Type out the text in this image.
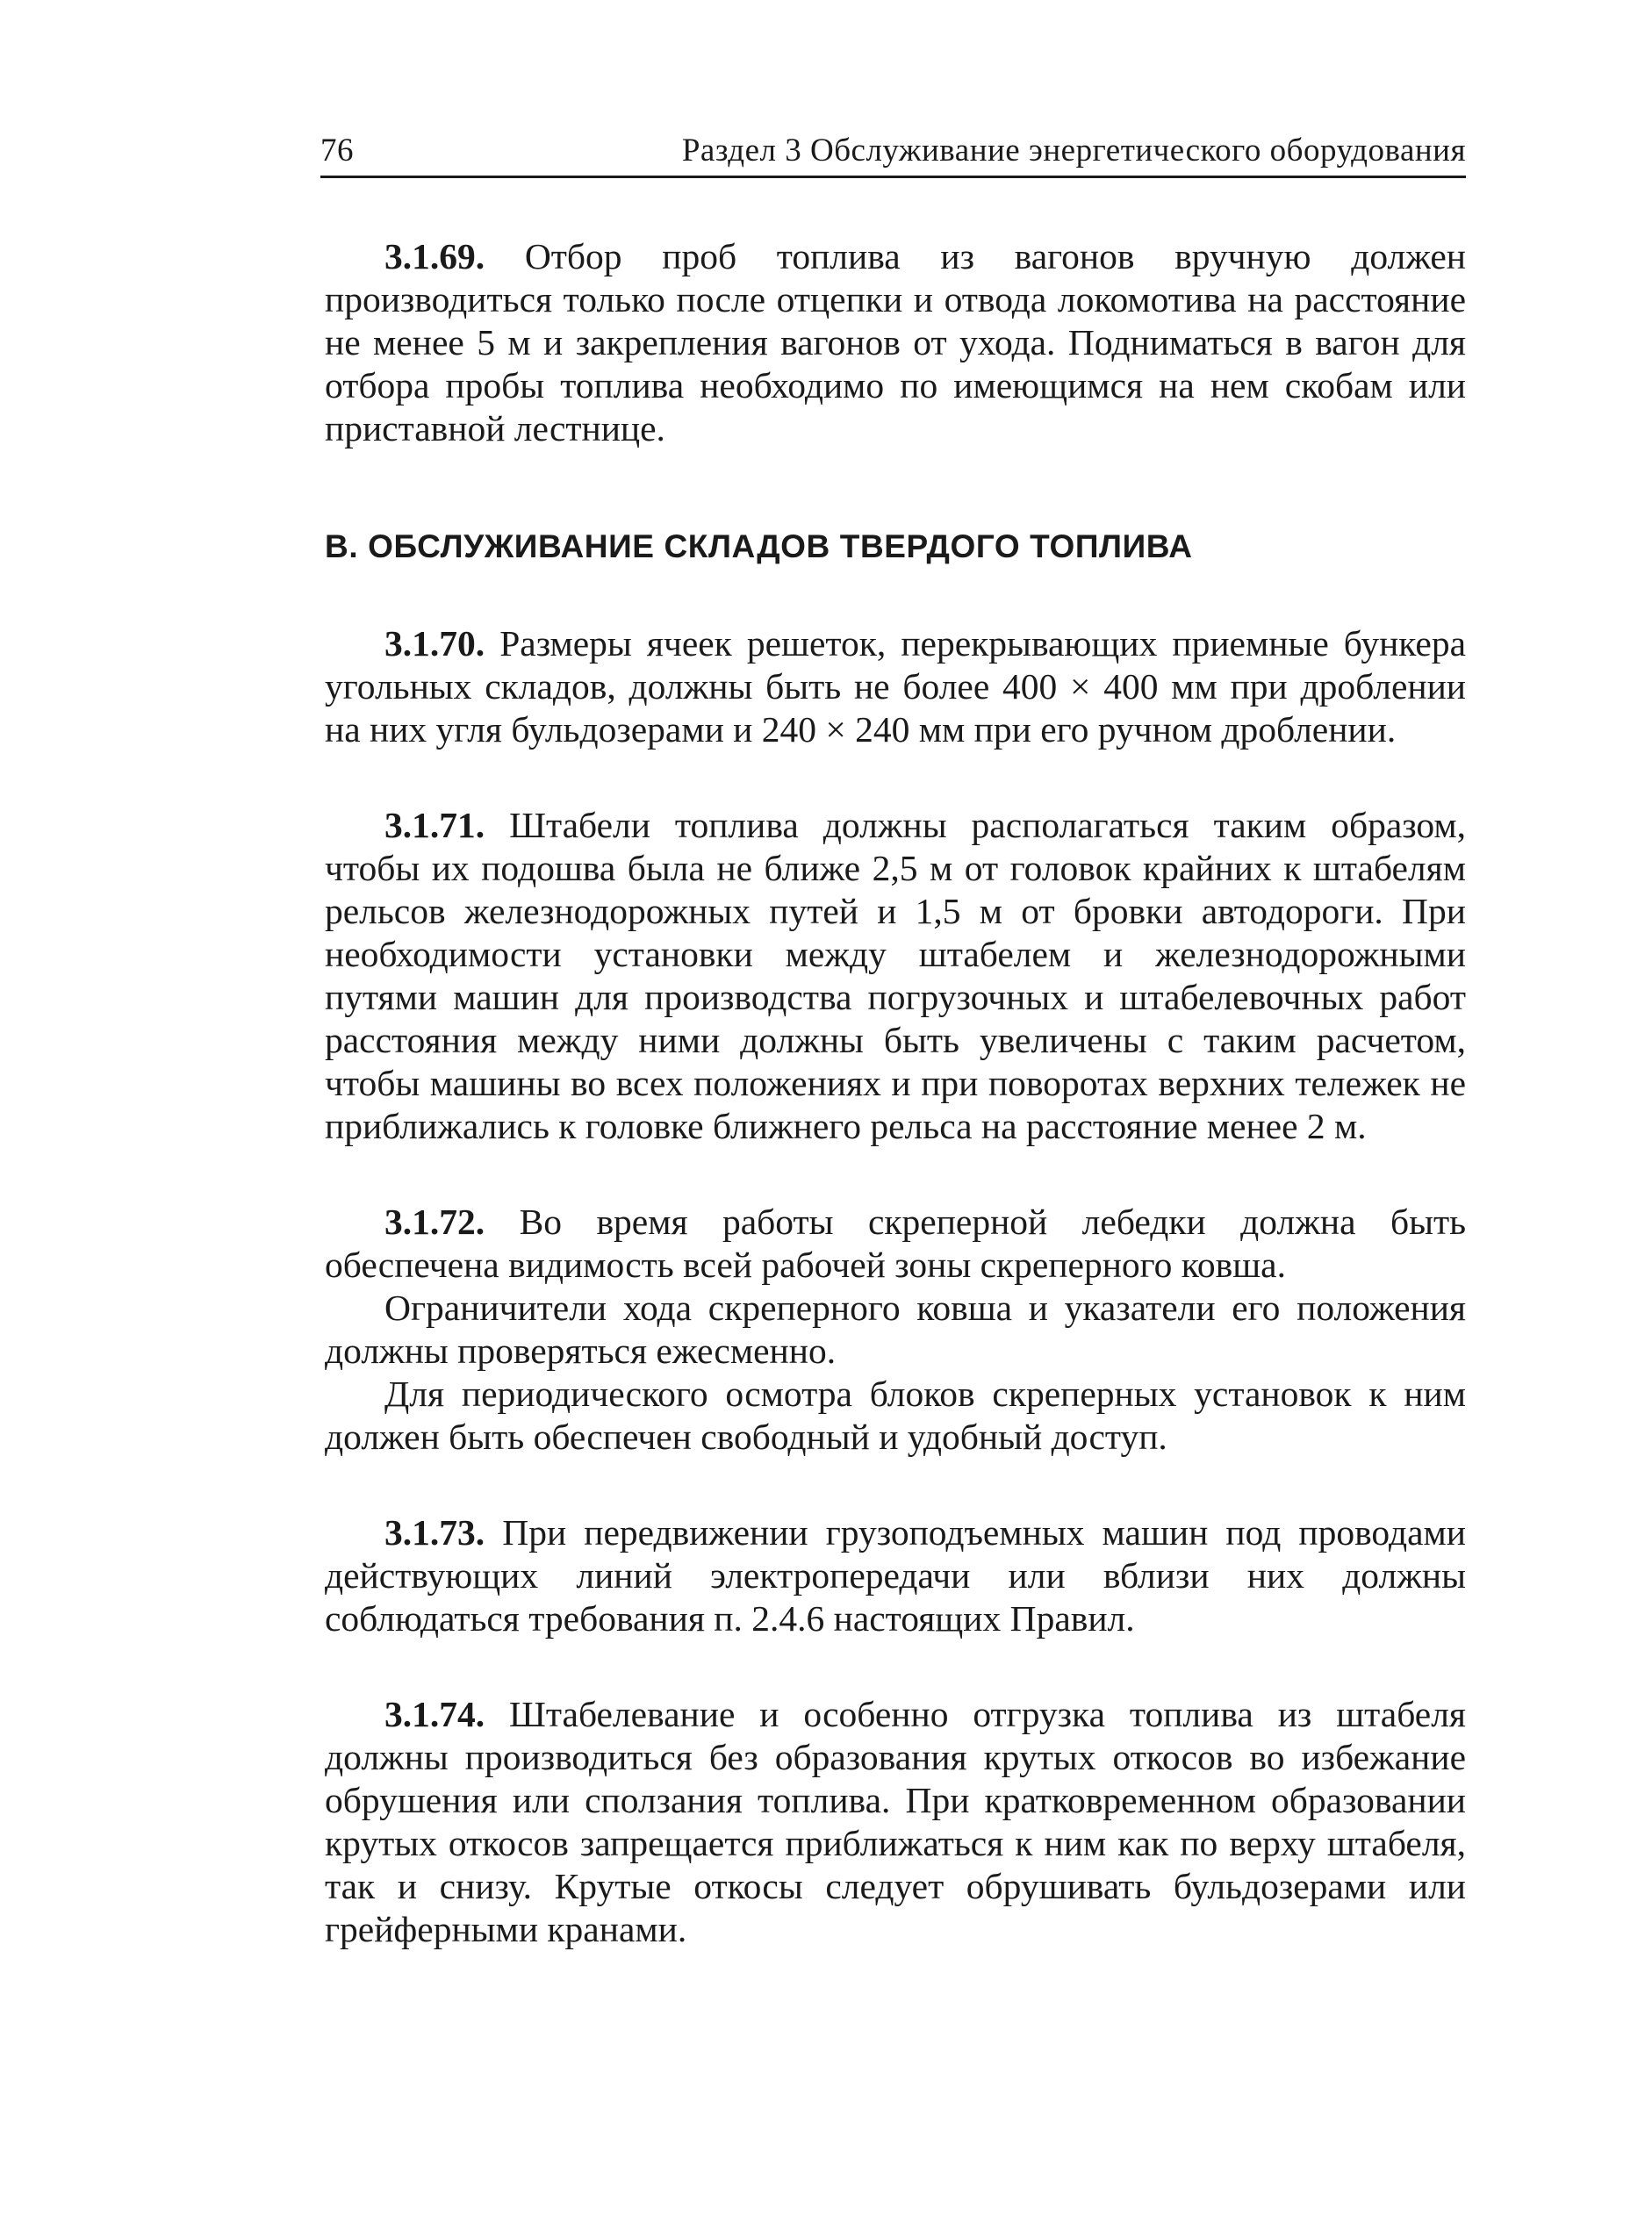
76	Раздел 3 Обслуживание энергетического оборудования

3.1.69. Отбор проб топлива из вагонов вручную должен производиться только после отцепки и отвода локомотива на расстояние не менее 5 м и закрепления вагонов от ухода. Подниматься в вагон для отбора пробы топлива необходимо по имеющимся на нем скобам или приставной лестнице.

В. ОБСЛУЖИВАНИЕ СКЛАДОВ ТВЕРДОГО ТОПЛИВА

3.1.70. Размеры ячеек решеток, перекрывающих приемные бункера угольных складов, должны быть не более 400 × 400 мм при дроблении на них угля бульдозерами и 240 × 240 мм при его ручном дроблении.

3.1.71. Штабели топлива должны располагаться таким образом, чтобы их подошва была не ближе 2,5 м от головок крайних к штабелям рельсов железнодорожных путей и 1,5 м от бровки автодороги. При необходимости установки между штабелем и железнодорожными путями машин для производства погрузочных и штабелевочных работ расстояния между ними должны быть увеличены с таким расчетом, чтобы машины во всех положениях и при поворотах верхних тележек не приближались к головке ближнего рельса на расстояние менее 2 м.

3.1.72. Во время работы скреперной лебедки должна быть обеспечена видимость всей рабочей зоны скреперного ковша.

Ограничители хода скреперного ковша и указатели его положения должны проверяться ежесменно.

Для периодического осмотра блоков скреперных установок к ним должен быть обеспечен свободный и удобный доступ.

3.1.73. При передвижении грузоподъемных машин под проводами действующих линий электропередачи или вблизи них должны соблюдаться требования п. 2.4.6 настоящих Правил.

3.1.74. Штабелевание и особенно отгрузка топлива из штабеля должны производиться без образования крутых откосов во избежание обрушения или сползания топлива. При кратковременном образовании крутых откосов запрещается приближаться к ним как по верху штабеля, так и снизу. Крутые откосы следует обрушивать бульдозерами или грейферными кранами.
